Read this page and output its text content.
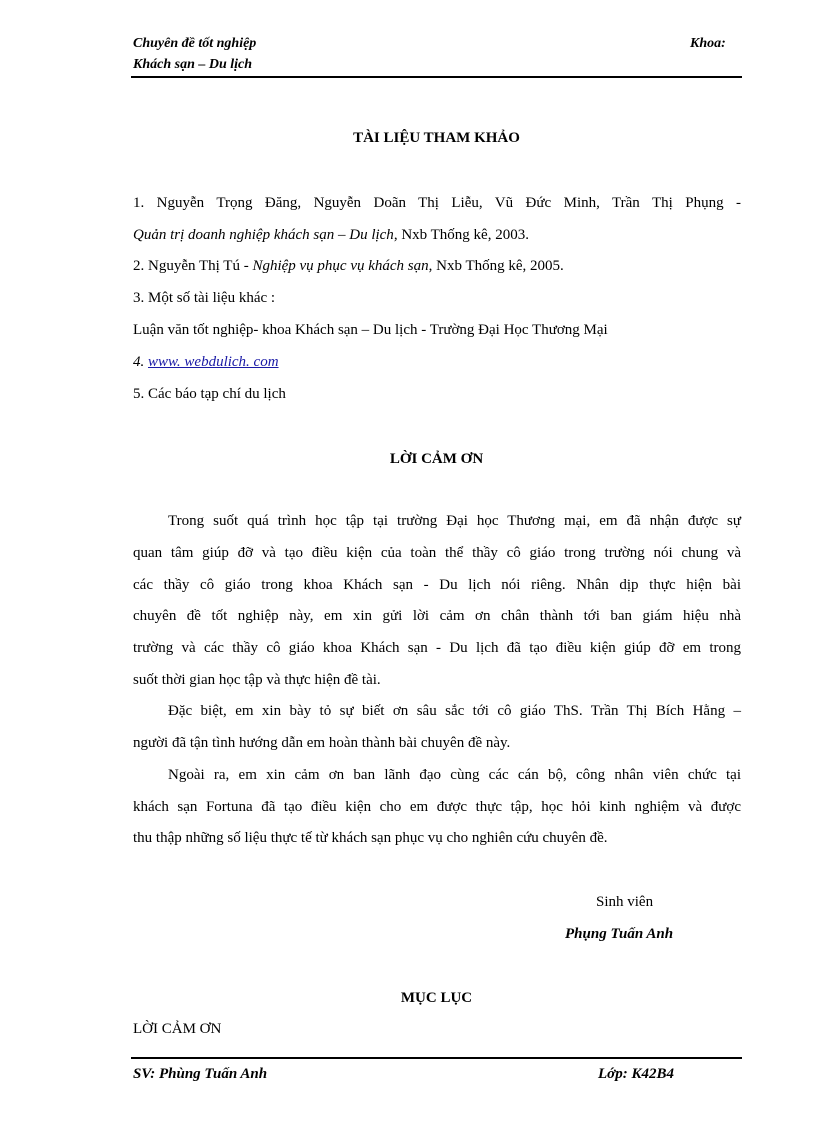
Chuyên đề tốt nghiệp
Khách sạn – Du lịch
Khoa:
TÀI LIỆU THAM KHẢO
1. Nguyễn Trọng Đăng, Nguyễn Doãn Thị Liễu, Vũ Đức Minh, Trần Thị Phụng -
Quản trị doanh nghiệp khách sạn – Du lịch, Nxb Thống kê, 2003.
2. Nguyễn Thị Tú - Nghiệp vụ phục vụ khách sạn, Nxb Thống kê, 2005.
3. Một số tài liệu khác :
Luận văn tốt nghiệp- khoa Khách sạn – Du lịch - Trường Đại Học Thương Mại
4. www. webdulich. com
5. Các báo tạp chí du lịch
LỜI CẢM ƠN
Trong suốt quá trình học tập tại trường Đại học Thương mại, em đã nhận được sự
quan tâm giúp đỡ và tạo điều kiện của toàn thể thầy cô giáo trong trường nói chung và
các thầy cô giáo trong khoa Khách sạn - Du lịch nói riêng. Nhân dịp thực hiện bài
chuyên đề tốt nghiệp này, em xin gửi lời cảm ơn chân thành tới ban giám hiệu nhà
trường và các thầy cô giáo khoa Khách sạn - Du lịch đã tạo điều kiện giúp đỡ em trong
suốt thời gian học tập và thực hiện đề tài.
Đặc biệt, em xin bày tỏ sự biết ơn sâu sắc tới cô giáo ThS. Trần Thị Bích Hằng –
người đã tận tình hướng dẫn em hoàn thành bài chuyên đề này.
Ngoài ra, em xin cảm ơn ban lãnh đạo cùng các cán bộ, công nhân viên chức tại
khách sạn Fortuna đã tạo điều kiện cho em được thực tập, học hỏi kinh nghiệm và được
thu thập những số liệu thực tế từ khách sạn phục vụ cho nghiên cứu chuyên đề.
Sinh viên
Phụng Tuấn Anh
MỤC LỤC
LỜI CẢM ƠN
SV: Phùng Tuấn Anh	Lớp: K42B4
